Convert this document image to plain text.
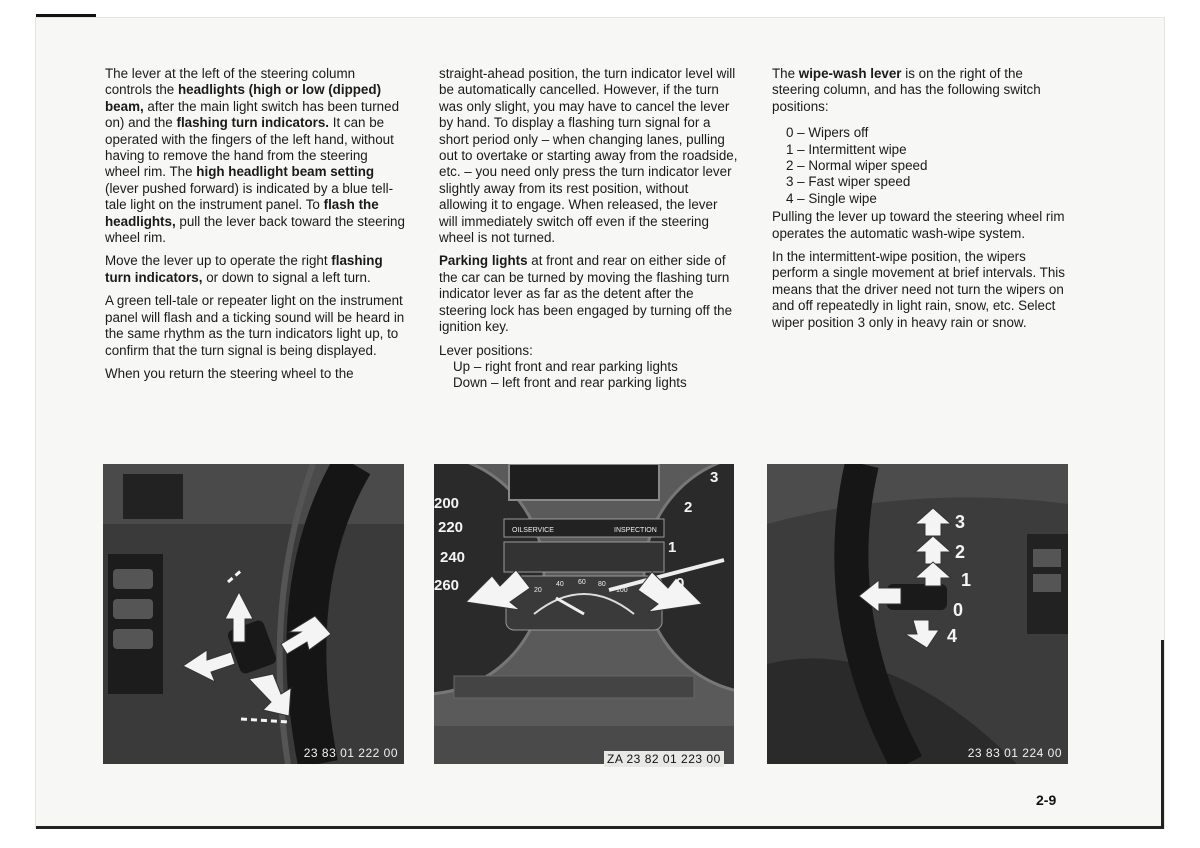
The lever at the left of the steering column controls the headlights (high or low (dipped) beam, after the main light switch has been turned on) and the flashing turn indicators. It can be operated with the fingers of the left hand, without having to remove the hand from the steering wheel rim. The high headlight beam setting (lever pushed forward) is indicated by a blue tell-tale light on the instrument panel. To flash the headlights, pull the lever back toward the steering wheel rim.

Move the lever up to operate the right flashing turn indicators, or down to signal a left turn.

A green tell-tale or repeater light on the instrument panel will flash and a ticking sound will be heard in the same rhythm as the turn indicators light up, to confirm that the turn signal is being displayed.

When you return the steering wheel to the

straight-ahead position, the turn indicator level will be automatically cancelled. However, if the turn was only slight, you may have to cancel the lever by hand. To display a flashing turn signal for a short period only – when changing lanes, pulling out to overtake or starting away from the roadside, etc. – you need only press the turn indicator lever slightly away from its rest position, without allowing it to engage. When released, the lever will immediately switch off even if the steering wheel is not turned.

Parking lights at front and rear on either side of the car can be turned by moving the flashing turn indicator lever as far as the detent after the steering lock has been engaged by turning off the ignition key.

Lever positions:
Up – right front and rear parking lights
Down – left front and rear parking lights

The wipe-wash lever is on the right of the steering column, and has the following switch positions:

0 – Wipers off
1 – Intermittent wipe
2 – Normal wiper speed
3 – Fast wiper speed
4 – Single wipe

Pulling the lever up toward the steering wheel rim operates the automatic wash-wipe system.

In the intermittent-wipe position, the wipers perform a single movement at brief intervals. This means that the driver need not turn the wipers on and off repeatedly in light rain, snow, etc. Select wiper position 3 only in heavy rain or snow.

23 83 01 222 00
200
220
240
260
3
2
1
0
OILSERVICE	INSPECTION
20
40 60 80
100
ZA 23 82 01 223 00
3
2
1
0
4
23 83 01 224 00
2-9
